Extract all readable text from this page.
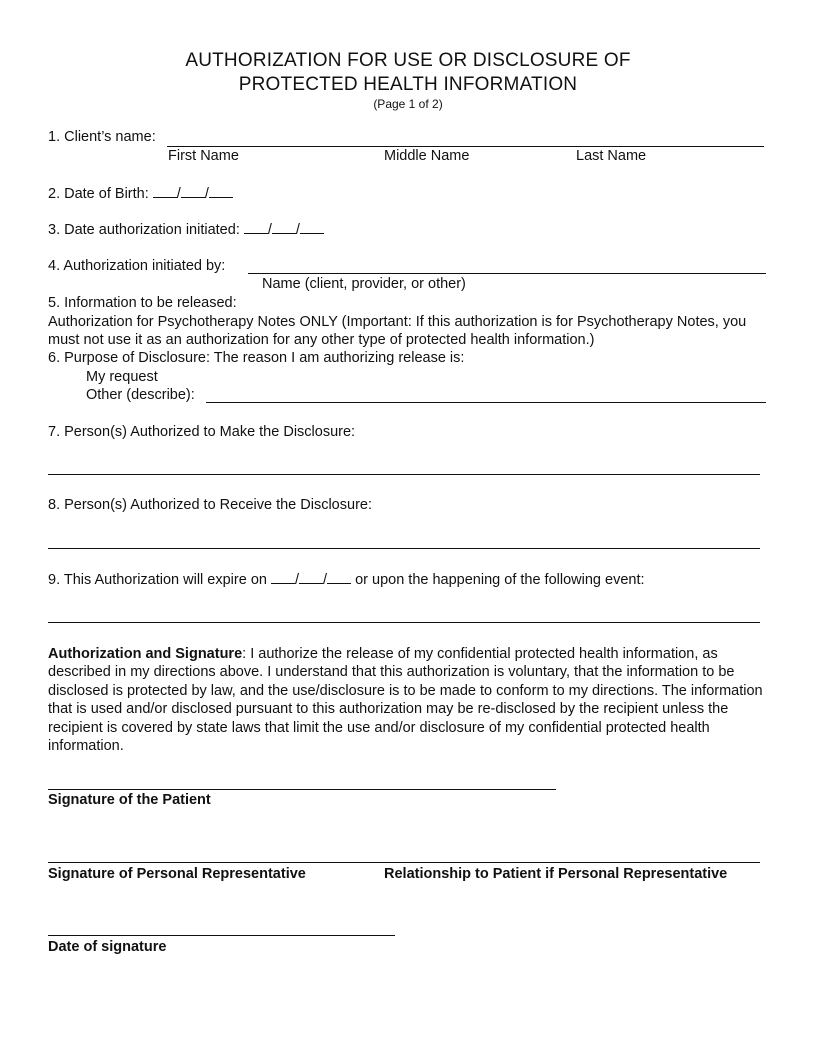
AUTHORIZATION FOR USE OR DISCLOSURE OF
PROTECTED HEALTH INFORMATION
(Page 1 of 2)
1. Client’s name:
First Name	Middle Name	Last Name
2. Date of Birth: / /
3. Date authorization initiated: / /
4. Authorization initiated by:
Name (client, provider, or other)
5. Information to be released:
Authorization for Psychotherapy Notes ONLY (Important: If this authorization is for Psychotherapy Notes, you must not use it as an authorization for any other type of protected health information.)
6. Purpose of Disclosure: The reason I am authorizing release is:
My request
Other (describe):
7. Person(s) Authorized to Make the Disclosure:
8. Person(s) Authorized to Receive the Disclosure:
9. This Authorization will expire on / / or upon the happening of the following event:
Authorization and Signature: I authorize the release of my confidential protected health information, as described in my directions above. I understand that this authorization is voluntary, that the information to be disclosed is protected by law, and the use/disclosure is to be made to conform to my directions. The information that is used and/or disclosed pursuant to this authorization may be re-disclosed by the recipient unless the recipient is covered by state laws that limit the use and/or disclosure of my confidential protected health information.
Signature of the Patient
Signature of Personal Representative	Relationship to Patient if Personal Representative
Date of signature
